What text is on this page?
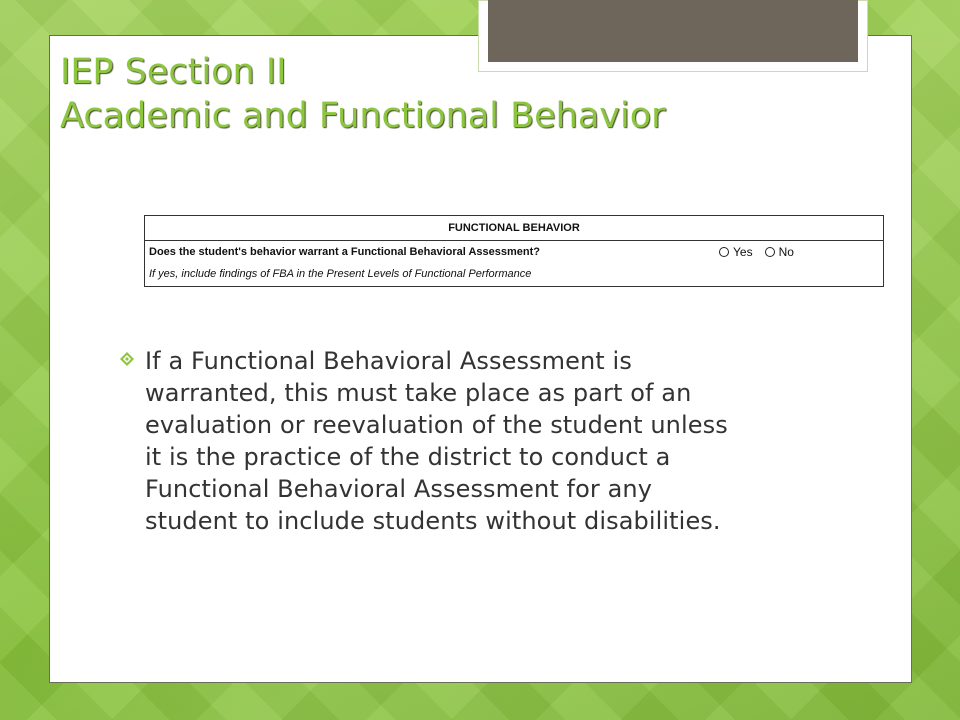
IEP Section II
Academic and Functional Behavior
FUNCTIONAL BEHAVIOR
Does the student's behavior warrant a Functional Behavioral Assessment?	Yes No
If yes, include findings of FBA in the Present Levels of Functional Performance

If a Functional Behavioral Assessment is
warranted, this must take place as part of an
evaluation or reevaluation of the student unless
it is the practice of the district to conduct a
Functional Behavioral Assessment for any
student to include students without disabilities.
